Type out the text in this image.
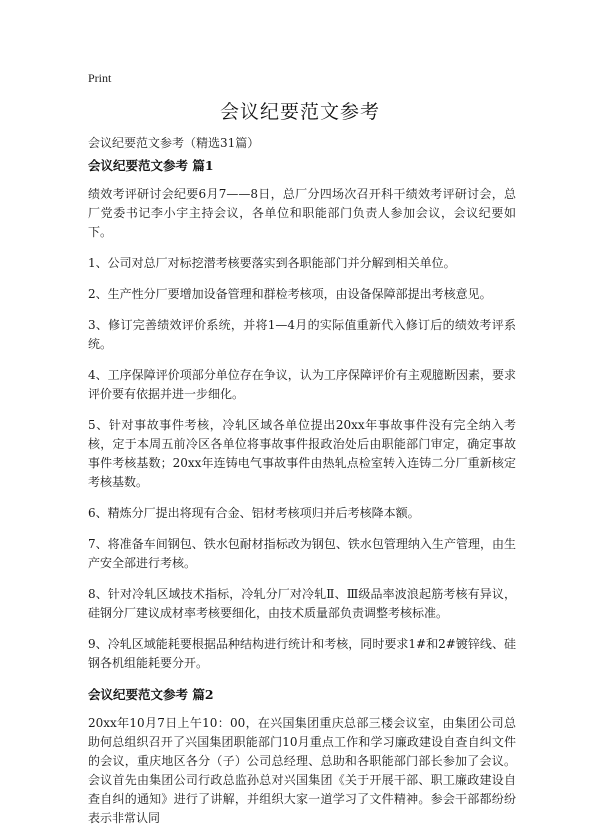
Print
会议纪要范文参考
会议纪要范文参考（精选31篇）
会议纪要范文参考 篇1

绩效考评研讨会纪要6月7——8日，总厂分四场次召开科干绩效考评研讨会，总厂党委书记李小宇主持会议，各单位和职能部门负责人参加会议，会议纪要如下。

1、公司对总厂对标挖潜考核要落实到各职能部门并分解到相关单位。

2、生产性分厂要增加设备管理和群检考核项，由设备保障部提出考核意见。

3、修订完善绩效评价系统，并将1—4月的实际值重新代入修订后的绩效考评系统。

4、工序保障评价项部分单位存在争议，认为工序保障评价有主观臆断因素，要求评价要有依据并进一步细化。

5、针对事故事件考核，冷轧区域各单位提出20xx年事故事件没有完全纳入考核，定于本周五前冷区各单位将事故事件报政治处后由职能部门审定，确定事故事件考核基数；20xx年连铸电气事故事件由热轧点检室转入连铸二分厂重新核定考核基数。

6、精炼分厂提出将现有合金、铝材考核项归并后考核降本额。

7、将准备车间钢包、铁水包耐材指标改为钢包、铁水包管理纳入生产管理，由生产安全部进行考核。

8、针对冷轧区域技术指标，冷轧分厂对冷轧Ⅱ、Ⅲ级品率波浪起筋考核有异议，硅钢分厂建议成材率考核要细化，由技术质量部负责调整考核标准。

9、冷轧区域能耗要根据品种结构进行统计和考核，同时要求1#和2#镀锌线、硅钢各机组能耗要分开。

会议纪要范文参考 篇2

20xx年10月7日上午10：00，在兴国集团重庆总部三楼会议室，由集团公司总助何总组织召开了兴国集团职能部门10月重点工作和学习廉政建设自查自纠文件的会议，重庆地区各分（子）公司总经理、总助和各职能部门部长参加了会议。会议首先由集团公司行政总监孙总对兴国集团《关于开展干部、职工廉政建设自查自纠的通知》进行了讲解，并组织大家一道学习了文件精神。参会干部都纷纷表示非常认同
